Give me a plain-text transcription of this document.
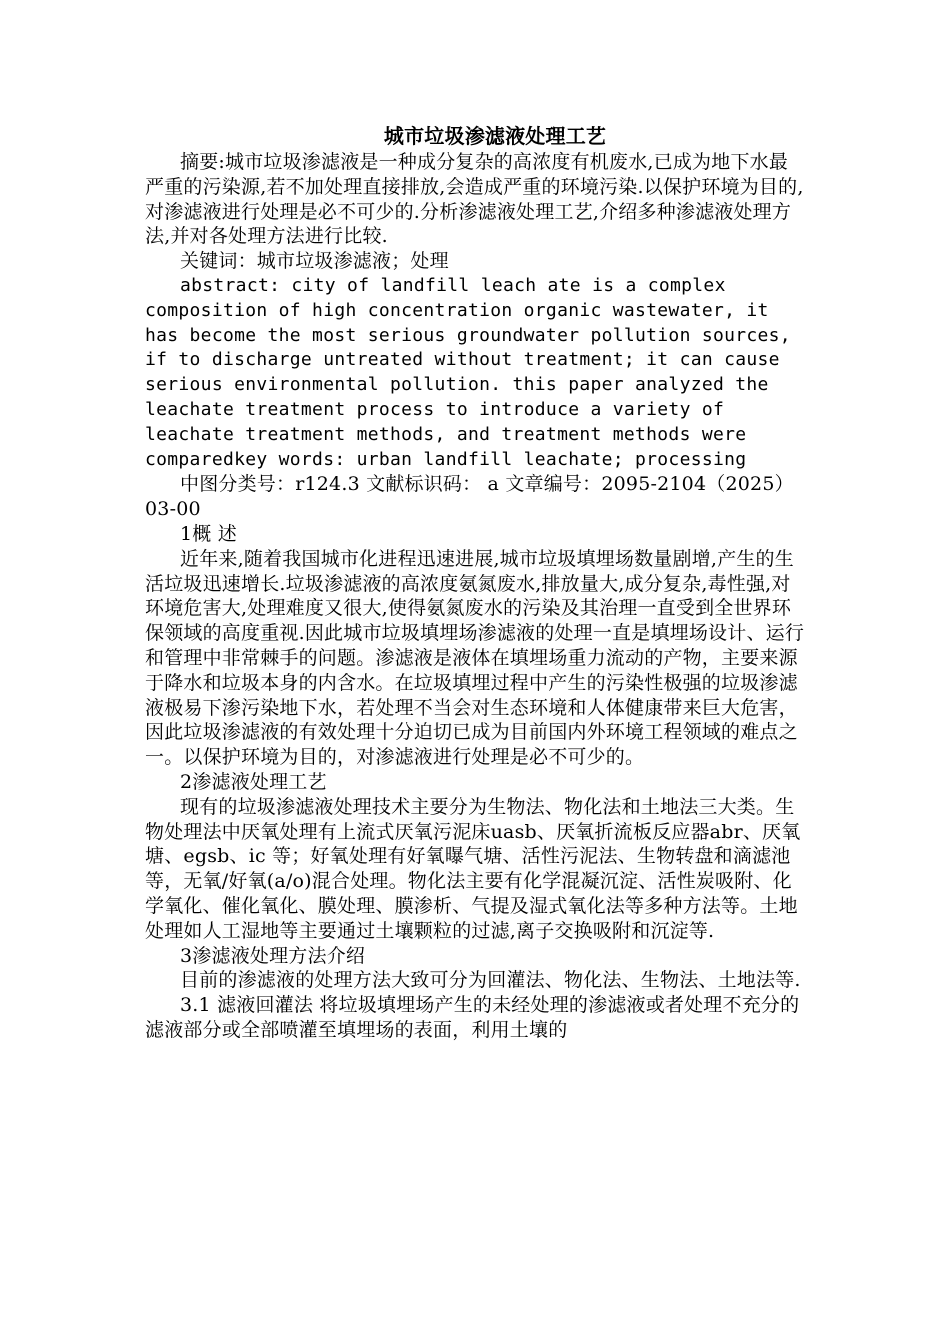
城市垃圾渗滤液处理工艺

摘要:城市垃圾渗滤液是一种成分复杂的高浓度有机废水,已成为地下水最严重的污染源,若不加处理直接排放,会造成严重的环境污染.以保护环境为目的,对渗滤液进行处理是必不可少的.分析渗滤液处理工艺,介绍多种渗滤液处理方法,并对各处理方法进行比较.

关键词：城市垃圾渗滤液；处理

abstract: city of landfill leach ate is a complex composition of high concentration organic wastewater, it has become the most serious groundwater pollution sources, if to discharge untreated without treatment; it can cause serious environmental pollution. this paper analyzed the leachate treatment process to introduce a variety of leachate treatment methods, and treatment methods were comparedkey words: urban landfill leachate; processing

中图分类号：r124.3 文献标识码： a 文章编号：2095-2104（2025）03-00

1概 述

近年来,随着我国城市化进程迅速进展,城市垃圾填埋场数量剧增,产生的生活垃圾迅速增长.垃圾渗滤液的高浓度氨氮废水,排放量大,成分复杂,毒性强,对环境危害大,处理难度又很大,使得氨氮废水的污染及其治理一直受到全世界环保领域的高度重视.因此城市垃圾填埋场渗滤液的处理一直是填埋场设计、运行和管理中非常棘手的问题。渗滤液是液体在填埋场重力流动的产物，主要来源于降水和垃圾本身的内含水。在垃圾填埋过程中产生的污染性极强的垃圾渗滤液极易下渗污染地下水，若处理不当会对生态环境和人体健康带来巨大危害，因此垃圾渗滤液的有效处理十分迫切已成为目前国内外环境工程领域的难点之一。以保护环境为目的，对渗滤液进行处理是必不可少的。

2渗滤液处理工艺

现有的垃圾渗滤液处理技术主要分为生物法、物化法和土地法三大类。生物处理法中厌氧处理有上流式厌氧污泥床uasb、厌氧折流板反应器abr、厌氧塘、egsb、ic 等；好氧处理有好氧曝气塘、活性污泥法、生物转盘和滴滤池等，无氧/好氧(a/o)混合处理。物化法主要有化学混凝沉淀、活性炭吸附、化学氧化、催化氧化、膜处理、膜渗析、气提及湿式氧化法等多种方法等。土地处理如人工湿地等主要通过土壤颗粒的过滤,离子交换吸附和沉淀等.

3渗滤液处理方法介绍

目前的渗滤液的处理方法大致可分为回灌法、物化法、生物法、土地法等.

3.1 滤液回灌法 将垃圾填埋场产生的未经处理的渗滤液或者处理不充分的滤液部分或全部喷灌至填埋场的表面，利用土壤的
